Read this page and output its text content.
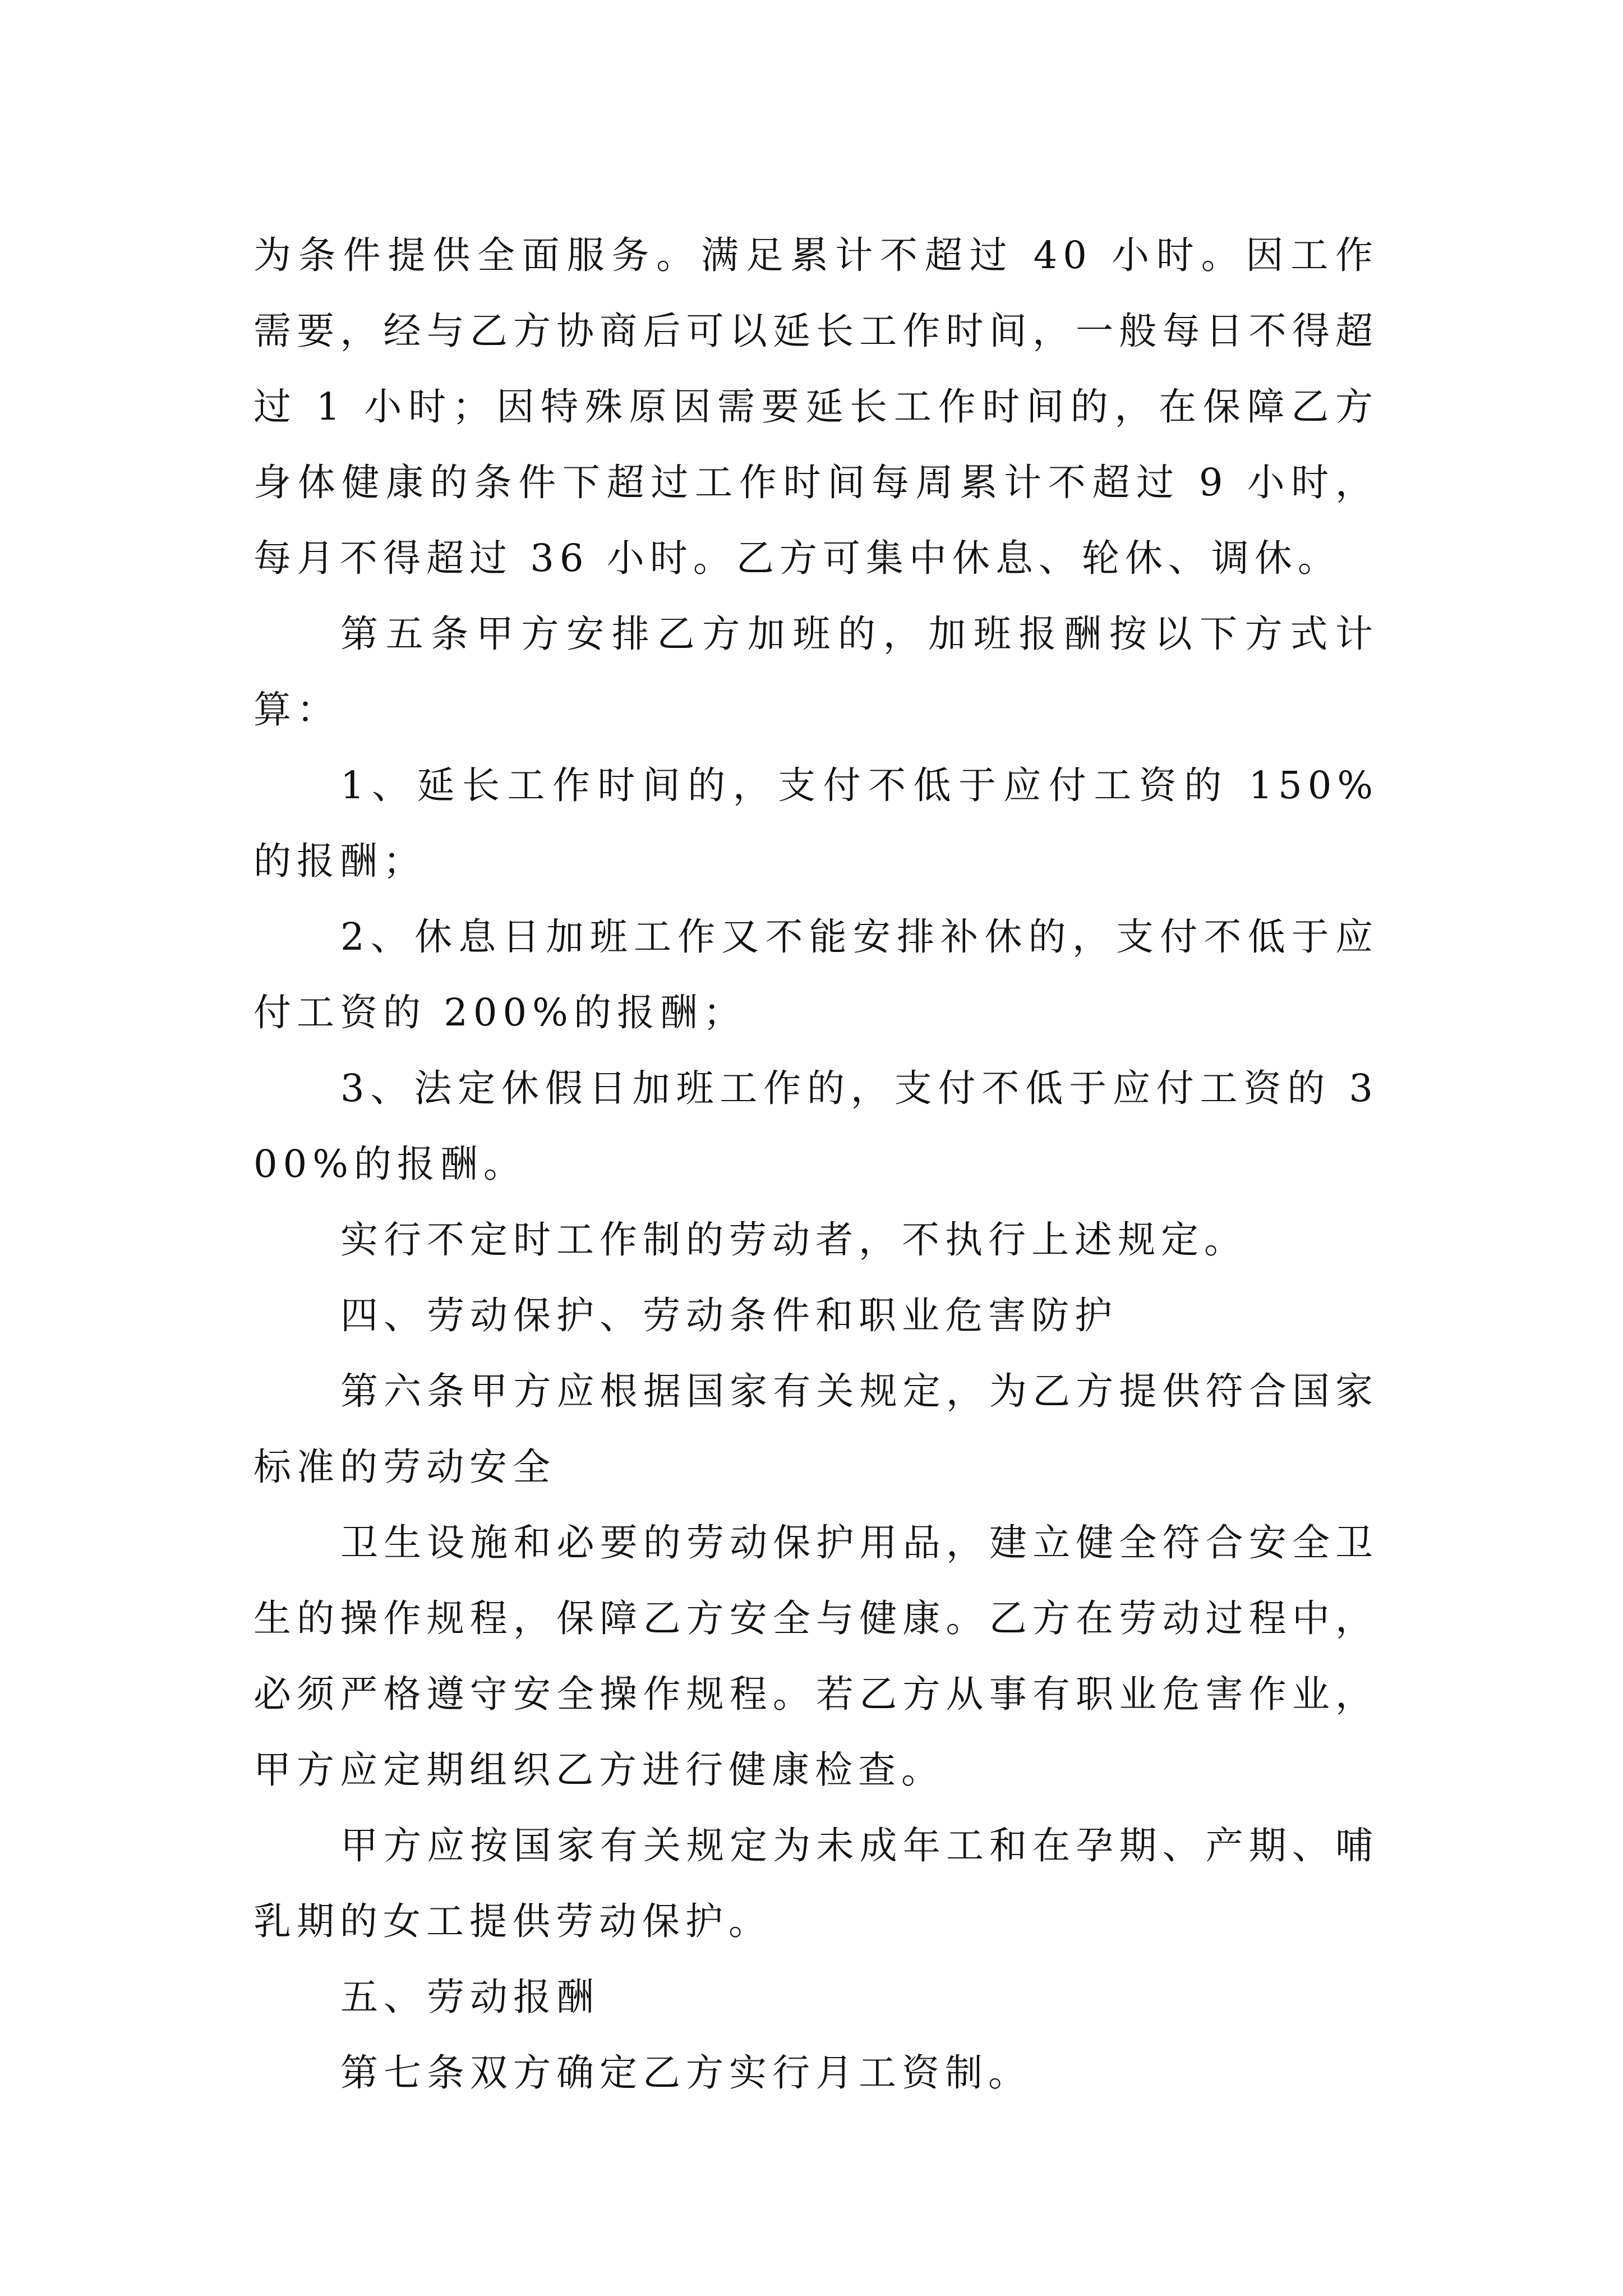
为条件提供全面服务。满足累计不超过 40 小时。因工作需要，经与乙方协商后可以延长工作时间，一般每日不得超过 1 小时；因特殊原因需要延长工作时间的，在保障乙方身体健康的条件下超过工作时间每周累计不超过 9 小时，每月不得超过 36 小时。乙方可集中休息、轮休、调休。

第五条甲方安排乙方加班的，加班报酬按以下方式计算：

1、延长工作时间的，支付不低于应付工资的 150%的报酬；

2、休息日加班工作又不能安排补休的，支付不低于应付工资的 200%的报酬；

3、法定休假日加班工作的，支付不低于应付工资的 300%的报酬。

实行不定时工作制的劳动者，不执行上述规定。

四、劳动保护、劳动条件和职业危害防护

第六条甲方应根据国家有关规定，为乙方提供符合国家标准的劳动安全

卫生设施和必要的劳动保护用品，建立健全符合安全卫生的操作规程，保障乙方安全与健康。乙方在劳动过程中，必须严格遵守安全操作规程。若乙方从事有职业危害作业，甲方应定期组织乙方进行健康检查。

甲方应按国家有关规定为未成年工和在孕期、产期、哺乳期的女工提供劳动保护。

五、劳动报酬

第七条双方确定乙方实行月工资制。
